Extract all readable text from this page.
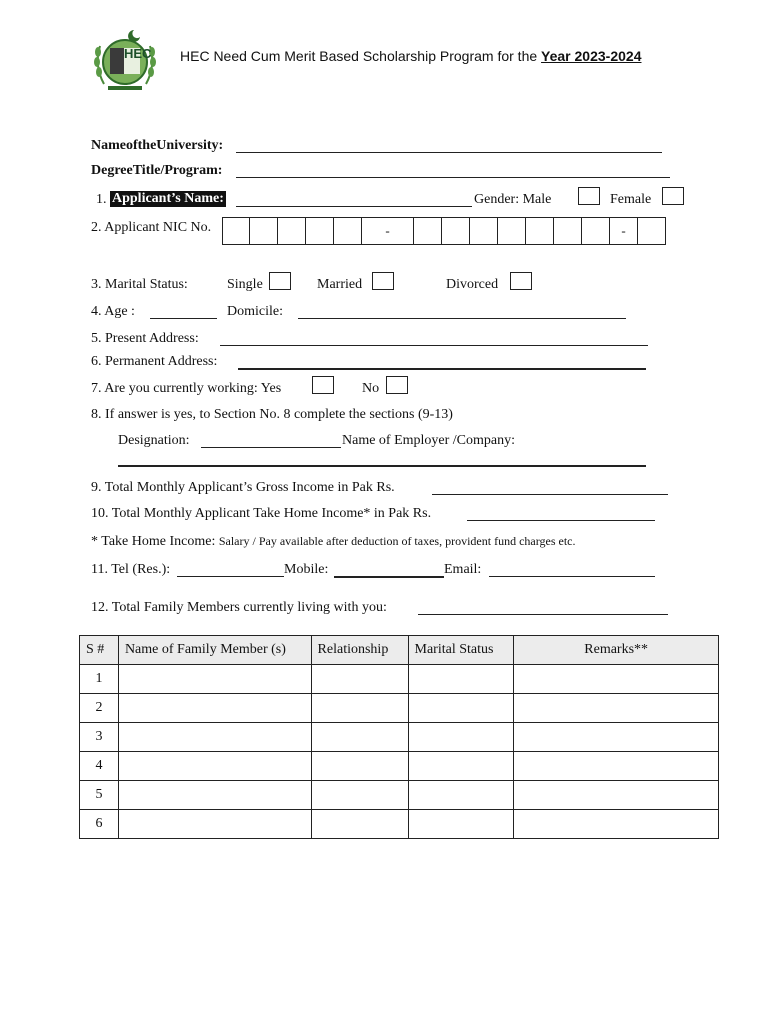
HEC HEC Need Cum Merit Based Scholarship Program for the Year 2023-2024
NameoftheUniversity:
DegreeTitle/Program:
1. Applicant’s Name:	Gender: Male	Female
2. Applicant NIC No.	-	-
3. Marital Status:	Single	Married	Divorced
4. Age :	Domicile:
5. Present Address:
6. Permanent Address:
7. Are you currently working: Yes	No
8. If answer is yes, to Section No. 8 complete the sections (9-13)
Designation:	Name of Employer /Company:
9. Total Monthly Applicant’s Gross Income in Pak Rs.
10. Total Monthly Applicant Take Home Income* in Pak Rs.
* Take Home Income: Salary / Pay available after deduction of taxes, provident fund charges etc.
11. Tel (Res.):	Mobile:	Email:
12. Total Family Members currently living with you:
S #	Name of Family Member (s)	Relationship	Marital Status	Remarks**
1				
2				
3				
4				
5				
6				
